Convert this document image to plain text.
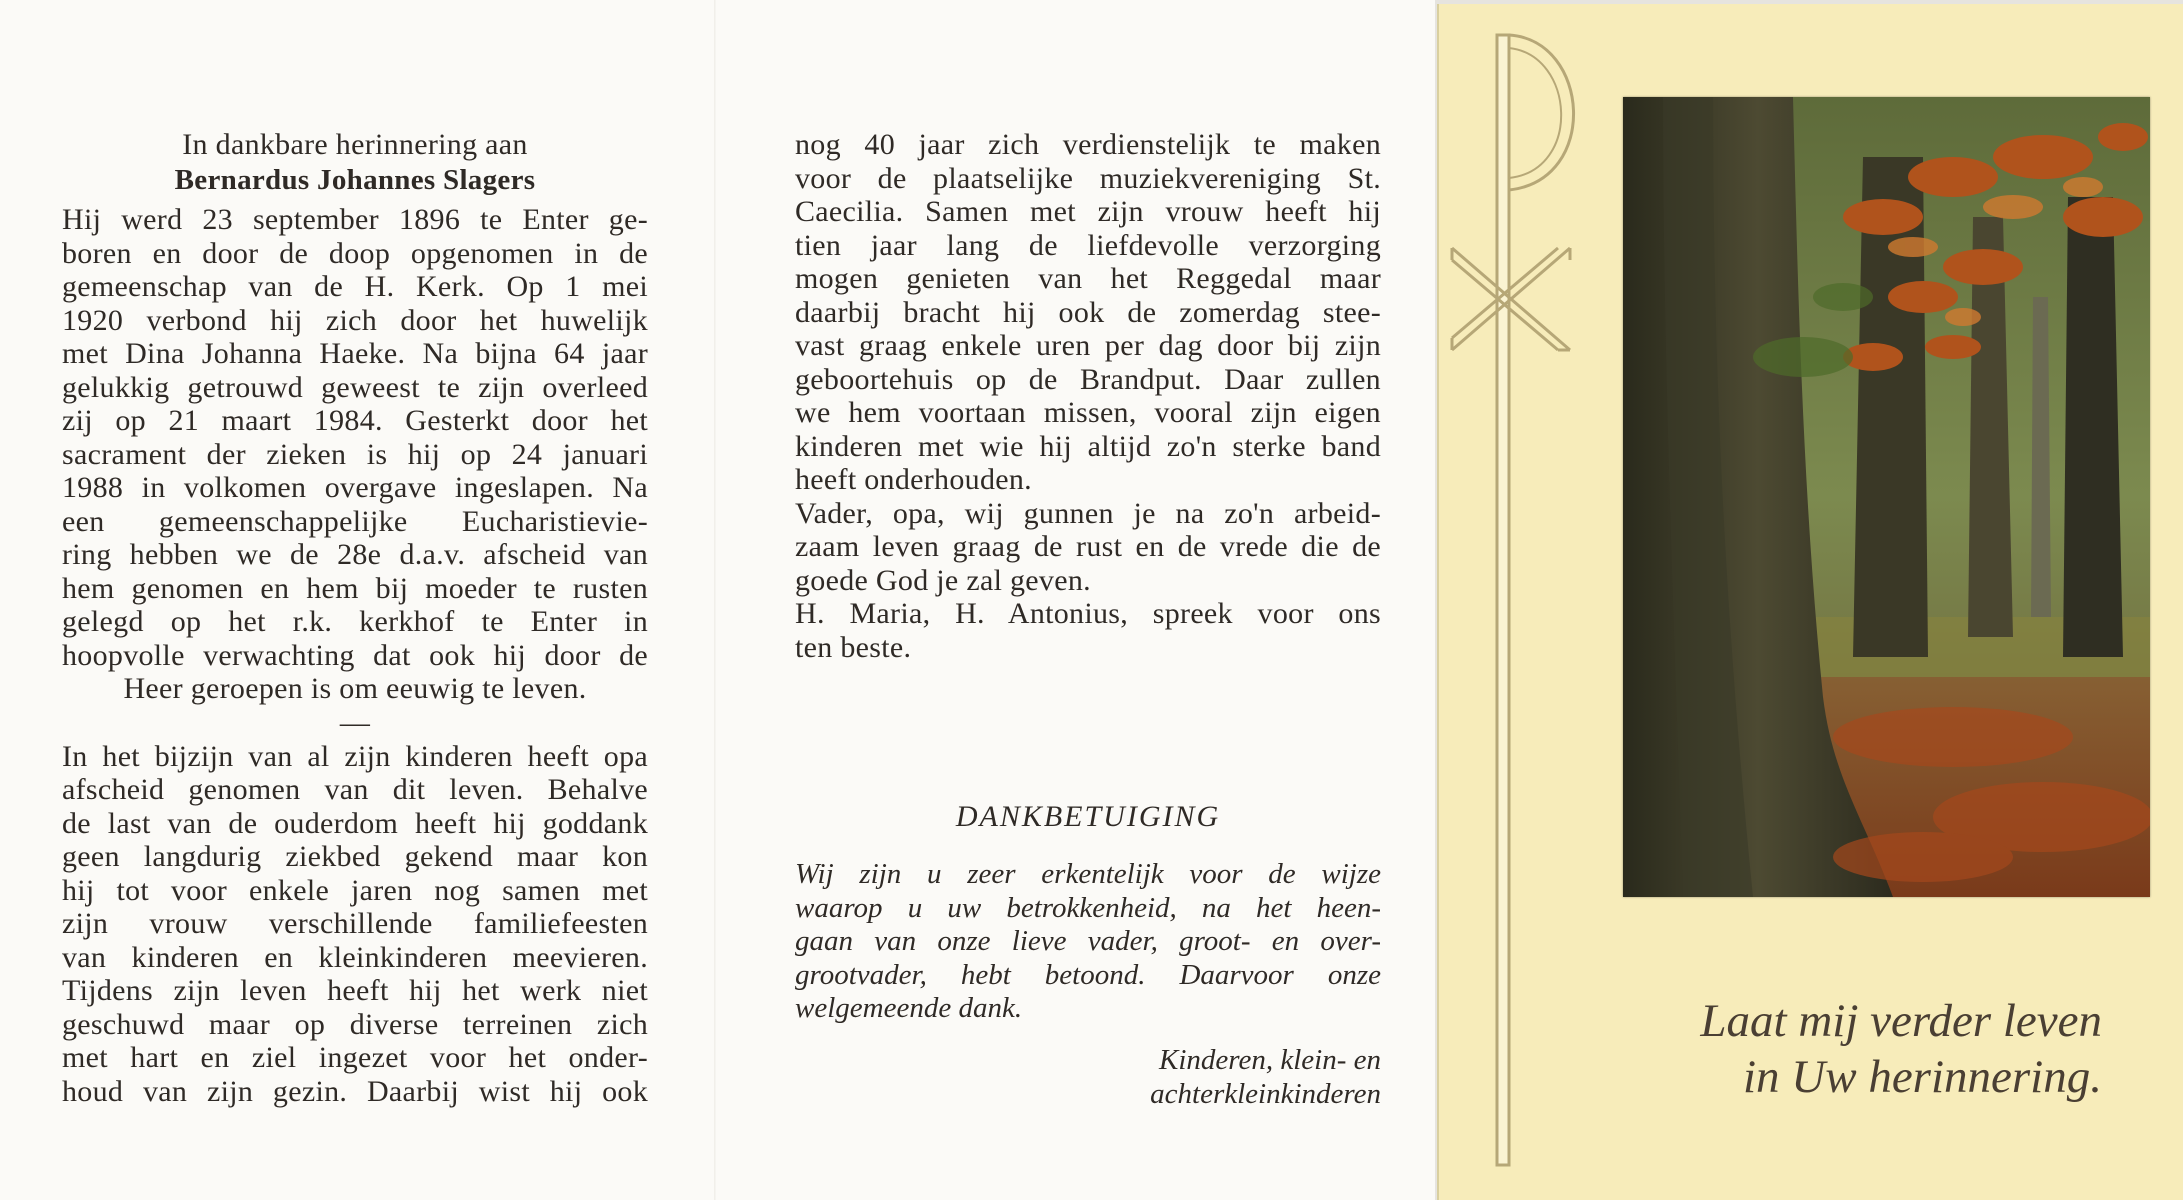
In dankbare herinnering aan

Bernardus Johannes Slagers

Hij werd 23 september 1896 te Enter ge-

boren en door de doop opgenomen in de

gemeenschap van de H. Kerk. Op 1 mei

1920 verbond hij zich door het huwelijk

met Dina Johanna Haeke. Na bijna 64 jaar

gelukkig getrouwd geweest te zijn overleed

zij op 21 maart 1984. Gesterkt door het

sacrament der zieken is hij op 24 januari

1988 in volkomen overgave ingeslapen. Na

een gemeenschappelijke Eucharistievie-

ring hebben we de 28e d.a.v. afscheid van

hem genomen en hem bij moeder te rusten

gelegd op het r.k. kerkhof te Enter in

hoopvolle verwachting dat ook hij door de

Heer geroepen is om eeuwig te leven.

—

In het bijzijn van al zijn kinderen heeft opa

afscheid genomen van dit leven. Behalve

de last van de ouderdom heeft hij goddank

geen langdurig ziekbed gekend maar kon

hij tot voor enkele jaren nog samen met

zijn vrouw verschillende familiefeesten

van kinderen en kleinkinderen meevieren.

Tijdens zijn leven heeft hij het werk niet

geschuwd maar op diverse terreinen zich

met hart en ziel ingezet voor het onder-

houd van zijn gezin. Daarbij wist hij ook

nog 40 jaar zich verdienstelijk te maken

voor de plaatselijke muziekvereniging St.

Caecilia. Samen met zijn vrouw heeft hij

tien jaar lang de liefdevolle verzorging

mogen genieten van het Reggedal maar

daarbij bracht hij ook de zomerdag stee-

vast graag enkele uren per dag door bij zijn

geboortehuis op de Brandput. Daar zullen

we hem voortaan missen, vooral zijn eigen

kinderen met wie hij altijd zo'n sterke band

heeft onderhouden.

Vader, opa, wij gunnen je na zo'n arbeid-

zaam leven graag de rust en de vrede die de

goede God je zal geven.

H. Maria, H. Antonius, spreek voor ons

ten beste.

DANKBETUIGING
Wij zijn u zeer erkentelijk voor de wijze
waarop u uw betrokkenheid, na het heen-
gaan van onze lieve vader, groot- en over-
grootvader, hebt betoond. Daarvoor onze
welgemeende dank.
Kinderen, klein- en
achterkleinkinderen
Laat mij verder leven
in Uw herinnering.
